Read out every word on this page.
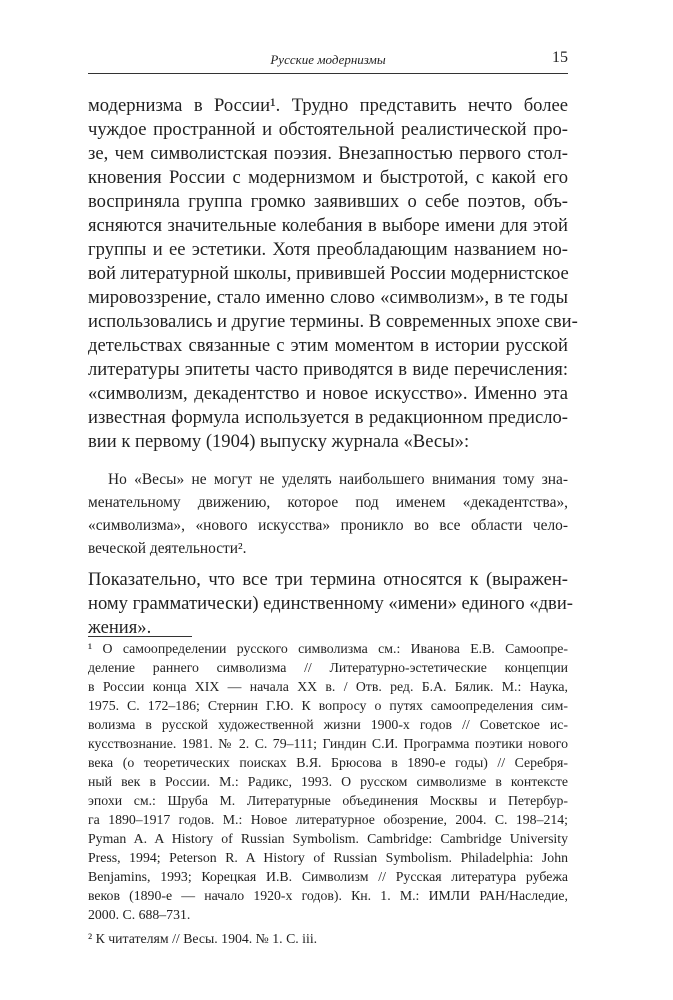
Русские модернизмы	15
модернизма в России¹. Трудно представить нечто более
чуждое пространной и обстоятельной реалистической про-
зе, чем символистская поэзия. Внезапностью первого стол-
кновения России с модернизмом и быстротой, с какой его
восприняла группа громко заявивших о себе поэтов, объ-
ясняются значительные колебания в выборе имени для этой
группы и ее эстетики. Хотя преобладающим названием но-
вой литературной школы, привившей России модернистское
мировоззрение, стало именно слово «символизм», в те годы
использовались и другие термины. В современных эпохе сви-
детельствах связанные с этим моментом в истории русской
литературы эпитеты часто приводятся в виде перечисления:
«символизм, декадентство и новое искусство». Именно эта
известная формула используется в редакционном предисло-
вии к первому (1904) выпуску журнала «Весы»:
Но «Весы» не могут не уделять наибольшего внимания тому зна-
менательному движению, которое под именем «декадентства»,
«символизма», «нового искусства» проникло во все области чело-
веческой деятельности².
Показательно, что все три термина относятся к (выражен-
ному грамматически) единственному «имени» единого «дви-
жения».
¹ О самоопределении русского символизма см.: Иванова Е.В. Самоопре-
деление раннего символизма // Литературно-эстетические концепции
в России конца XIX — начала XX в. / Отв. ред. Б.А. Бялик. М.: Наука,
1975. С. 172–186; Стернин Г.Ю. К вопросу о путях самоопределения сим-
волизма в русской художественной жизни 1900-х годов // Советское ис-
кусствознание. 1981. № 2. С. 79–111; Гиндин С.И. Программа поэтики нового
века (о теоретических поисках В.Я. Брюсова в 1890-е годы) // Серебря-
ный век в России. М.: Радикс, 1993. О русском символизме в контексте
эпохи см.: Шруба М. Литературные объединения Москвы и Петербур-
га 1890–1917 годов. М.: Новое литературное обозрение, 2004. С. 198–214;
Pyman A. A History of Russian Symbolism. Cambridge: Cambridge University
Press, 1994; Peterson R. A History of Russian Symbolism. Philadelphia: John
Benjamins, 1993; Корецкая И.В. Символизм // Русская литература рубежа
веков (1890-е — начало 1920-х годов). Кн. 1. М.: ИМЛИ РАН/Наследие,
2000. С. 688–731.
² К читателям // Весы. 1904. № 1. С. iii.
